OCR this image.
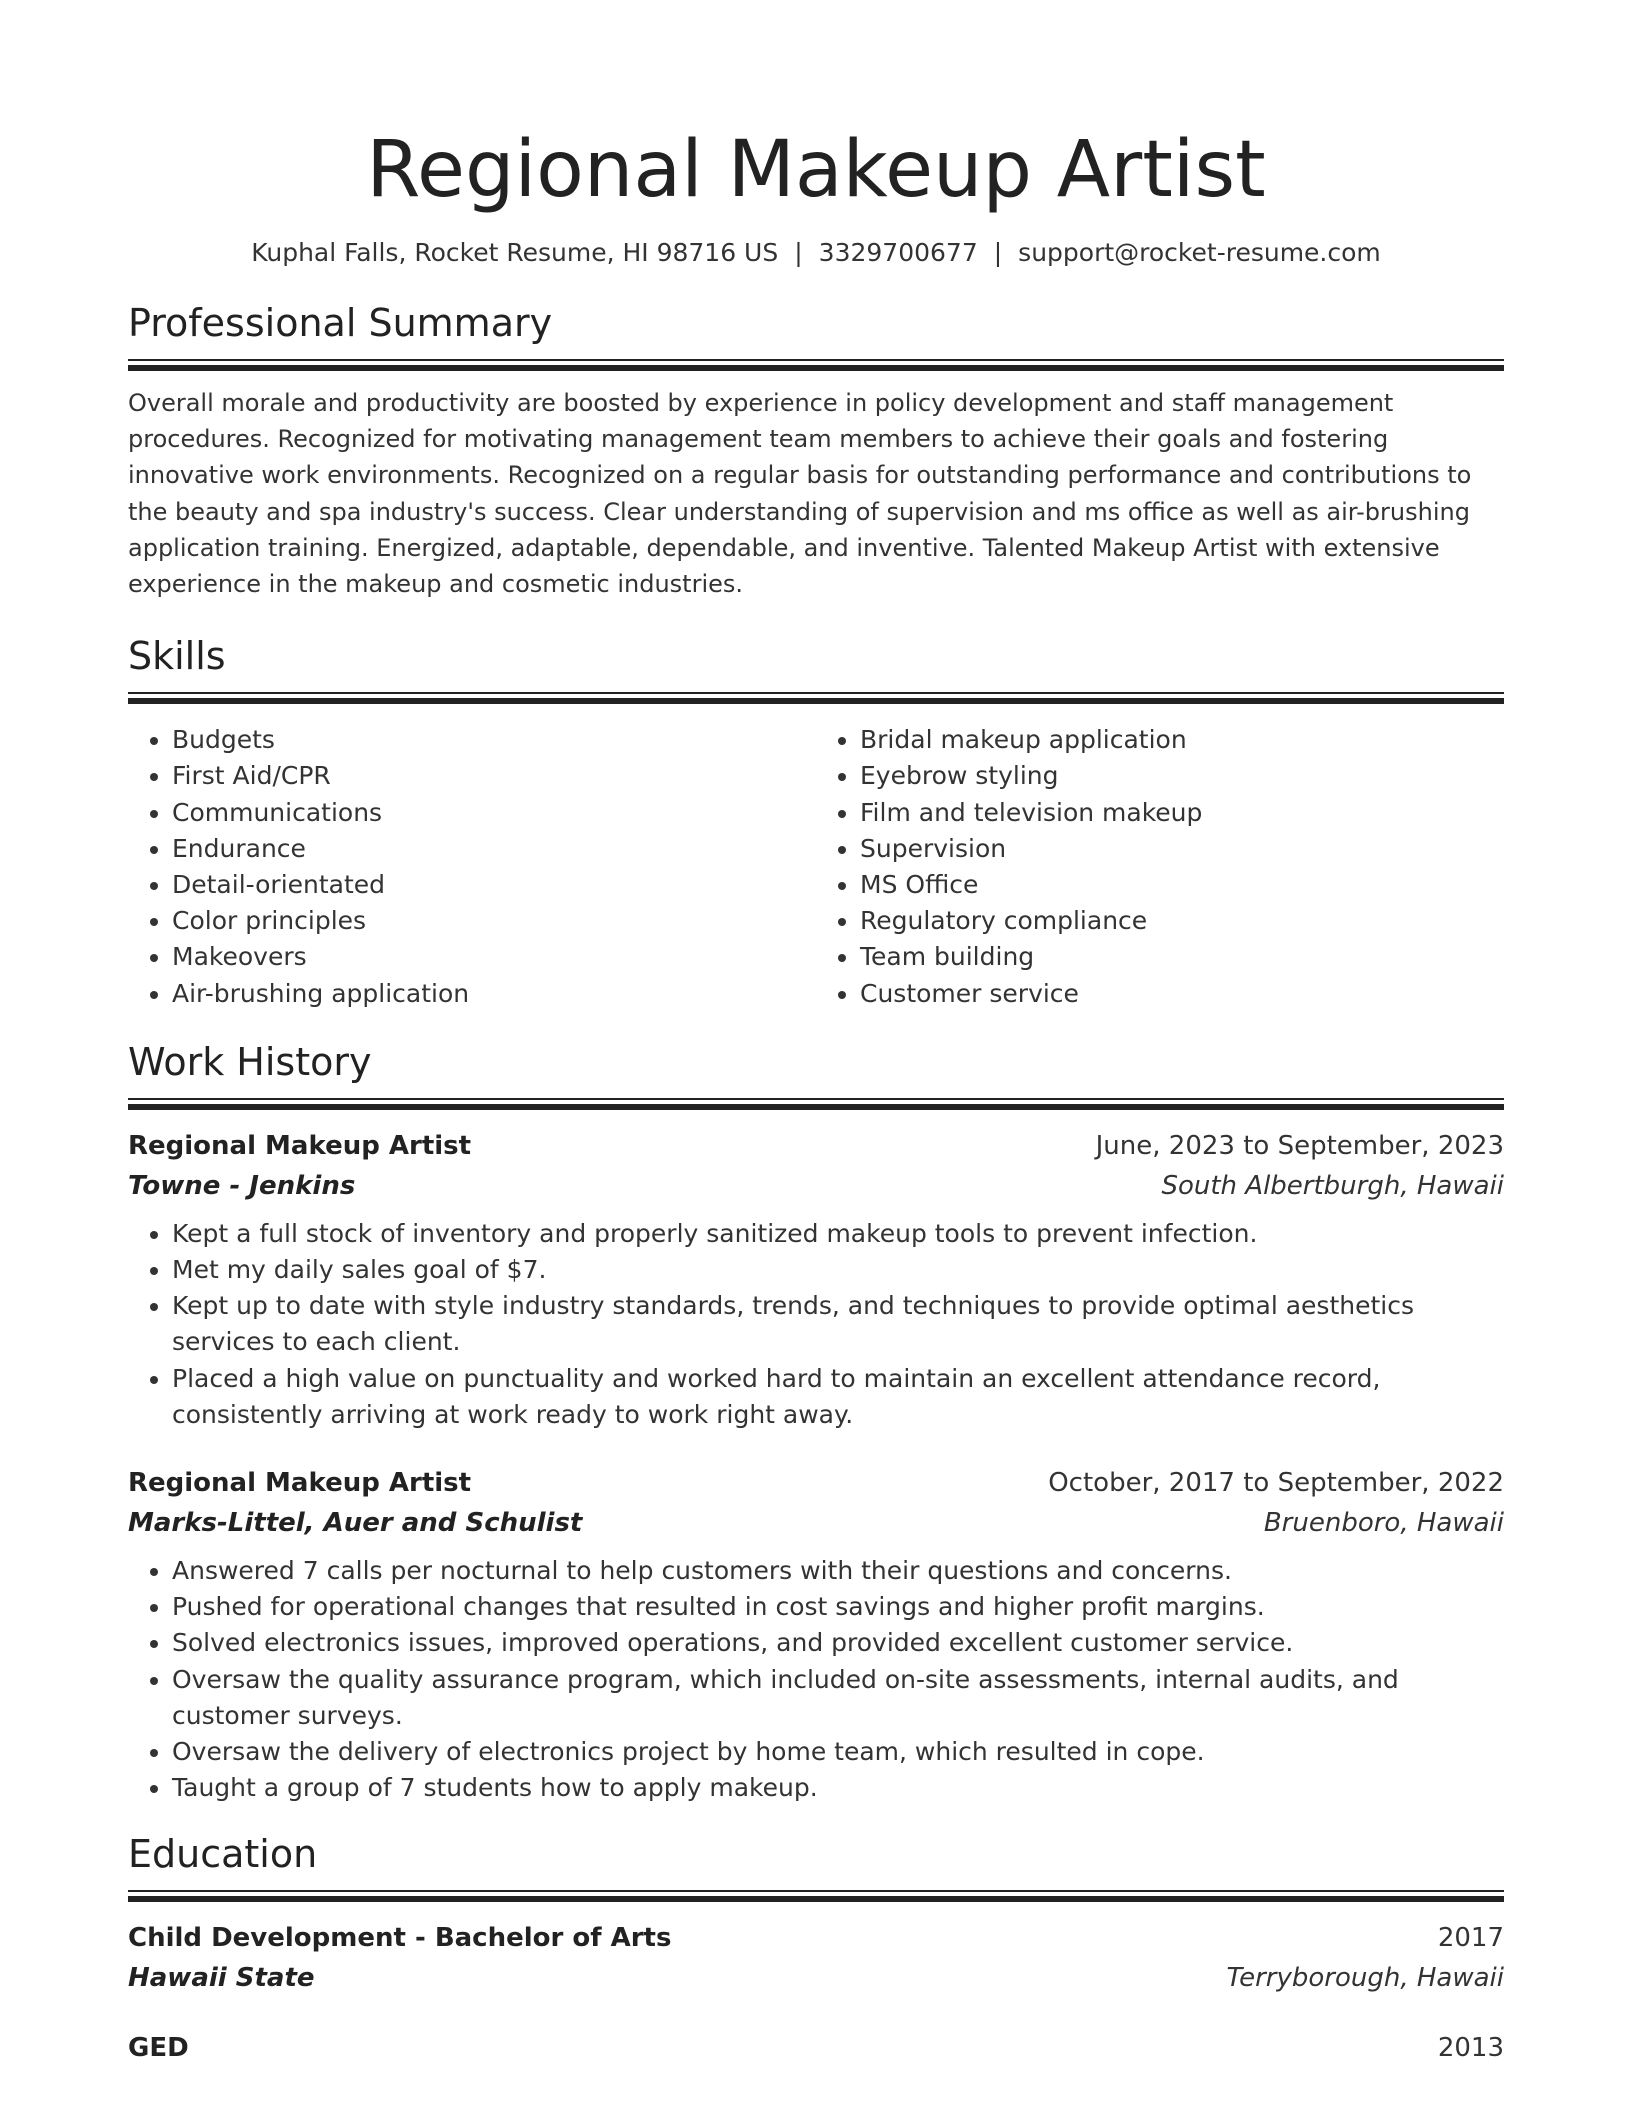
Regional Makeup Artist
Kuphal Falls, Rocket Resume, HI 98716 US | 3329700677 | support@rocket-resume.com
Professional Summary
Overall morale and productivity are boosted by experience in policy development and staff management procedures. Recognized for motivating management team members to achieve their goals and fostering innovative work environments. Recognized on a regular basis for outstanding performance and contributions to the beauty and spa industry's success. Clear understanding of supervision and ms office as well as air-brushing application training. Energized, adaptable, dependable, and inventive. Talented Makeup Artist with extensive experience in the makeup and cosmetic industries.
Skills
• Budgets
• First Aid/CPR
• Communications
• Endurance
• Detail-orientated
• Color principles
• Makeovers
• Air-brushing application
• Bridal makeup application
• Eyebrow styling
• Film and television makeup
• Supervision
• MS Office
• Regulatory compliance
• Team building
• Customer service
Work History
Regional Makeup Artist	June, 2023 to September, 2023
Towne - Jenkins	South Albertburgh, Hawaii
• Kept a full stock of inventory and properly sanitized makeup tools to prevent infection.
• Met my daily sales goal of $7.
• Kept up to date with style industry standards, trends, and techniques to provide optimal aesthetics services to each client.
• Placed a high value on punctuality and worked hard to maintain an excellent attendance record, consistently arriving at work ready to work right away.
Regional Makeup Artist	October, 2017 to September, 2022
Marks-Littel, Auer and Schulist	Bruenboro, Hawaii
• Answered 7 calls per nocturnal to help customers with their questions and concerns.
• Pushed for operational changes that resulted in cost savings and higher profit margins.
• Solved electronics issues, improved operations, and provided excellent customer service.
• Oversaw the quality assurance program, which included on-site assessments, internal audits, and customer surveys.
• Oversaw the delivery of electronics project by home team, which resulted in cope.
• Taught a group of 7 students how to apply makeup.
Education
Child Development - Bachelor of Arts	2017
Hawaii State	Terryborough, Hawaii
GED	2013
